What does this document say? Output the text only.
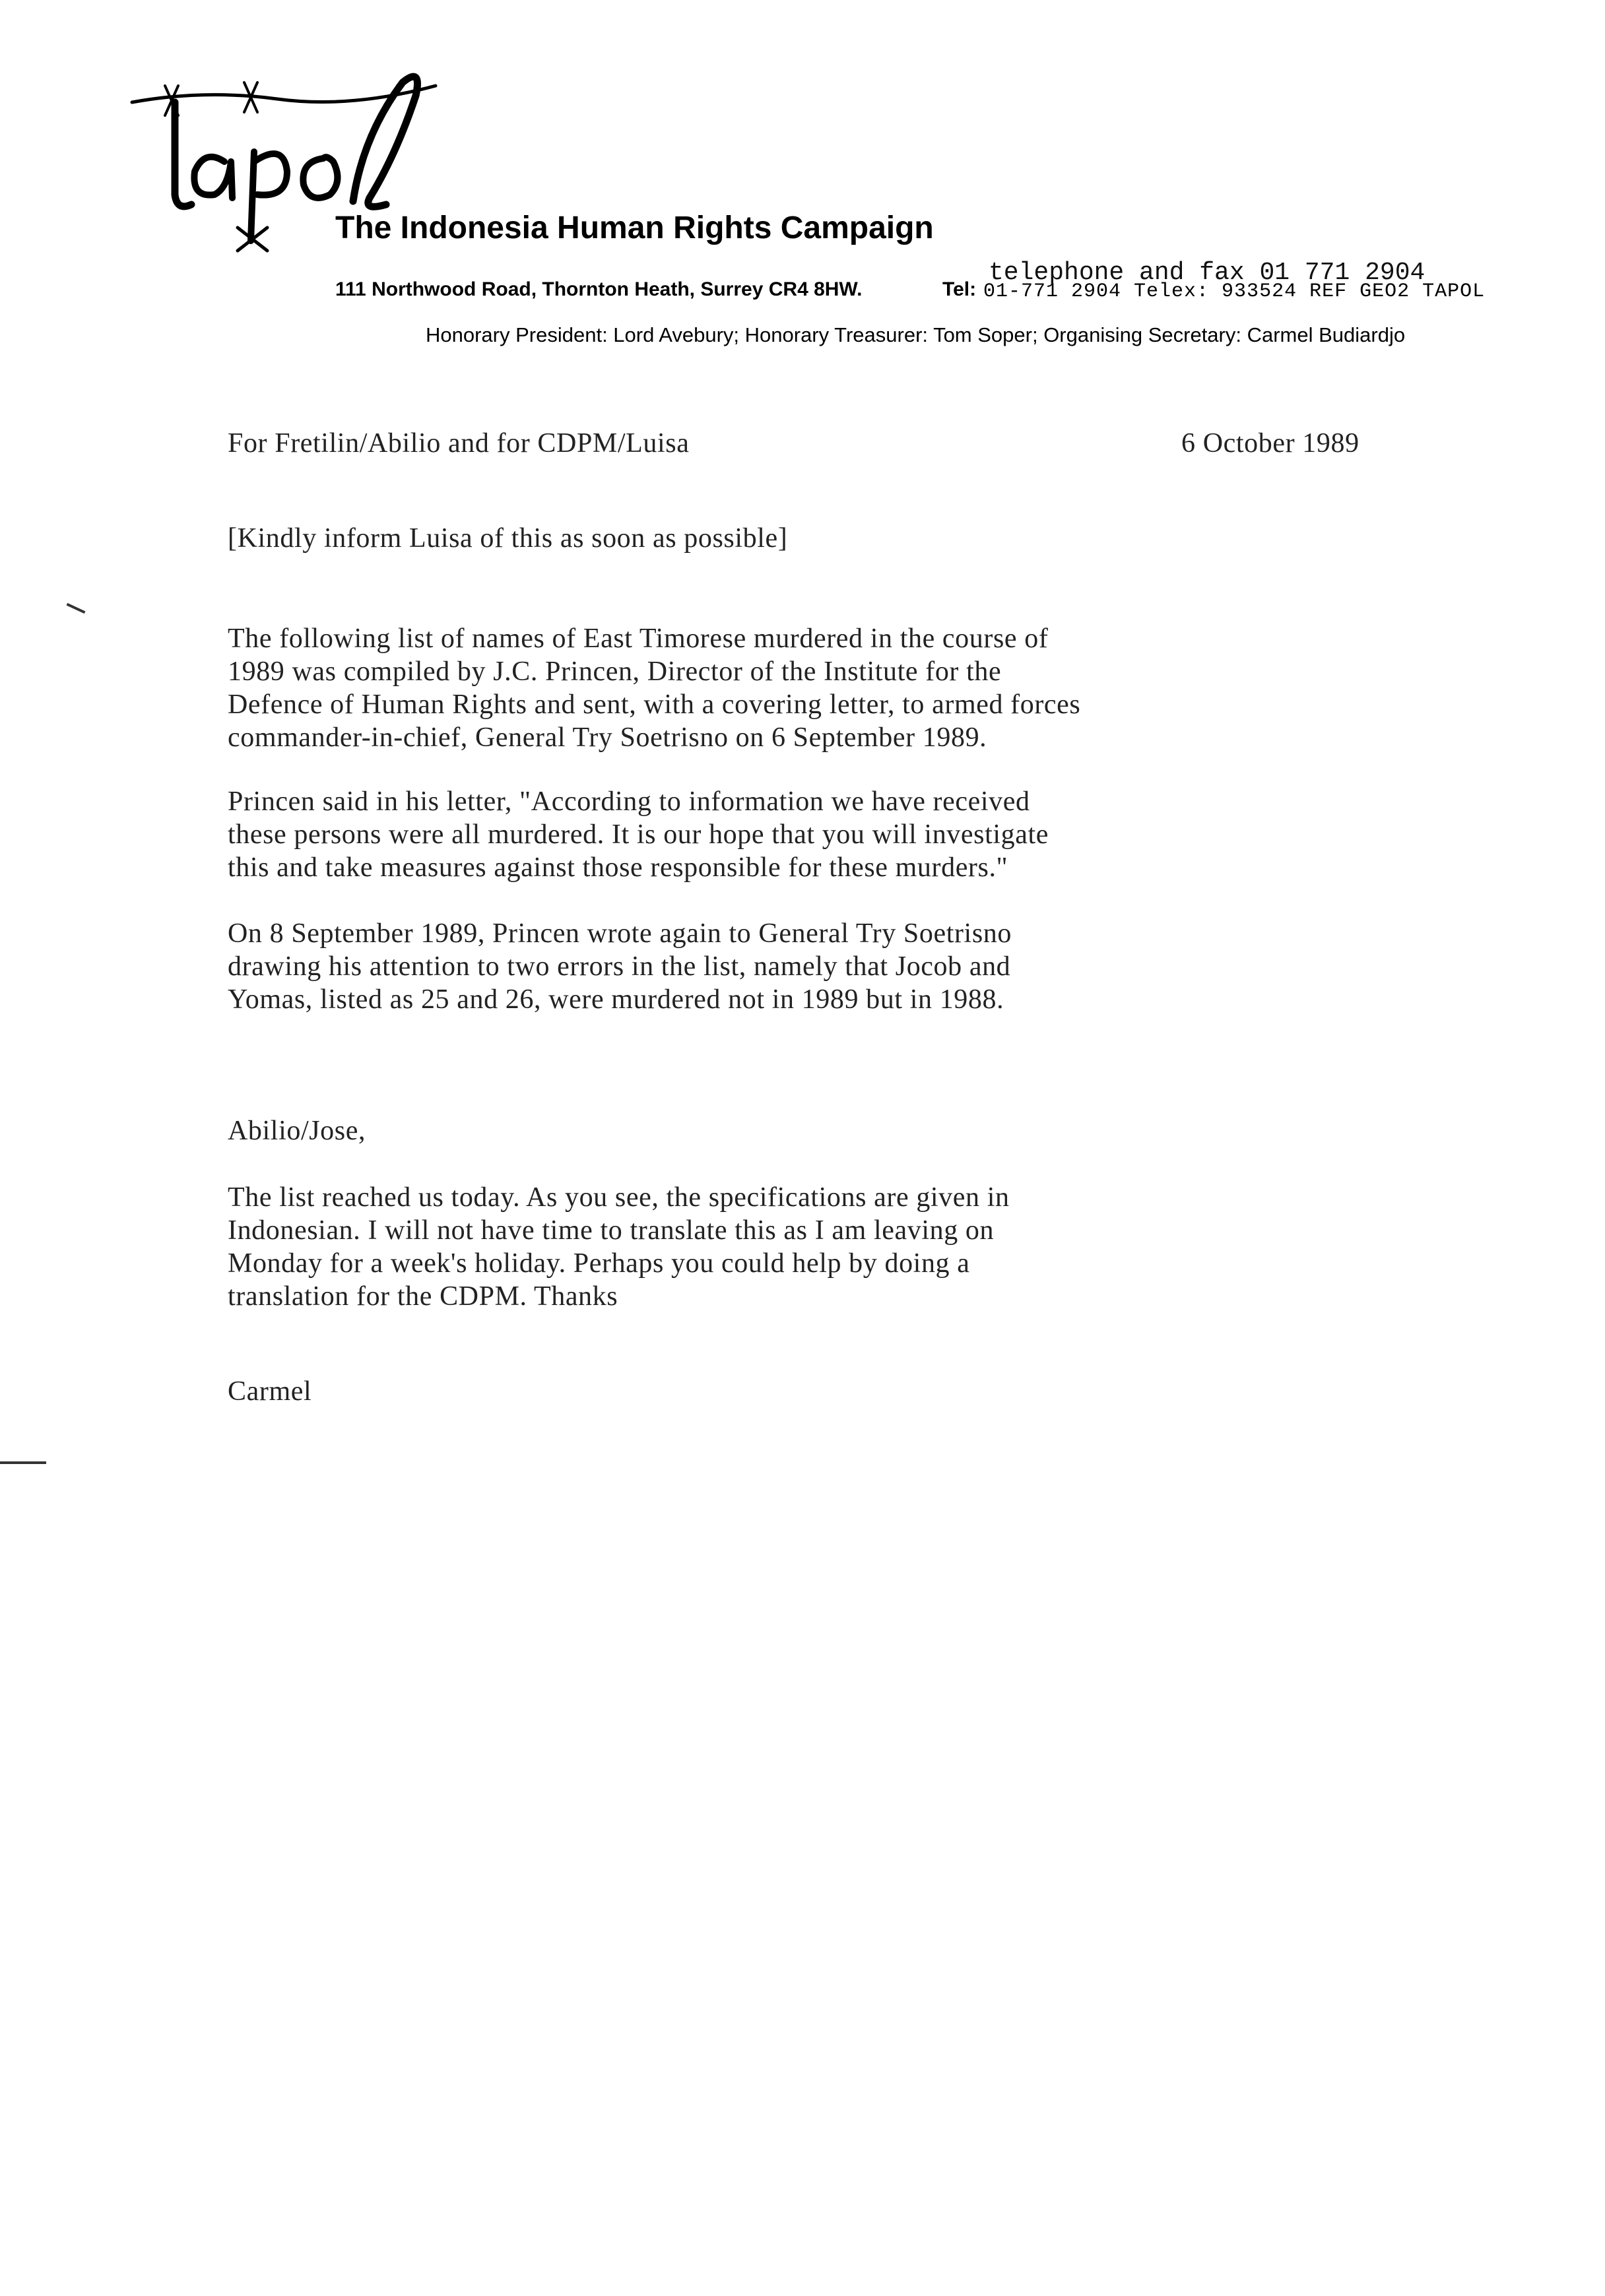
The Indonesia Human Rights Campaign
111 Northwood Road, Thornton Heath, Surrey CR4 8HW.	Tel: 01-771 2904 Telex: 933524 REF GEO2 TAPOL
telephone and fax 01 771 2904
Honorary President: Lord Avebury; Honorary Treasurer: Tom Soper; Organising Secretary: Carmel Budiardjo
For Fretilin/Abilio and for CDPM/Luisa	6 October 1989
[Kindly inform Luisa of this as soon as possible]
The following list of names of East Timorese murdered in the course of
1989 was compiled by J.C. Princen, Director of the Institute for the
Defence of Human Rights and sent, with a covering letter, to armed forces
commander-in-chief, General Try Soetrisno on 6 September 1989.
Princen said in his letter, "According to information we have received
these persons were all murdered. It is our hope that you will investigate
this and take measures against those responsible for these murders."
On 8 September 1989, Princen wrote again to General Try Soetrisno
drawing his attention to two errors in the list, namely that Jocob and
Yomas, listed as 25 and 26, were murdered not in 1989 but in 1988.
Abilio/Jose,
The list reached us today. As you see, the specifications are given in
Indonesian. I will not have time to translate this as I am leaving on
Monday for a week's holiday. Perhaps you could help by doing a
translation for the CDPM. Thanks
Carmel
